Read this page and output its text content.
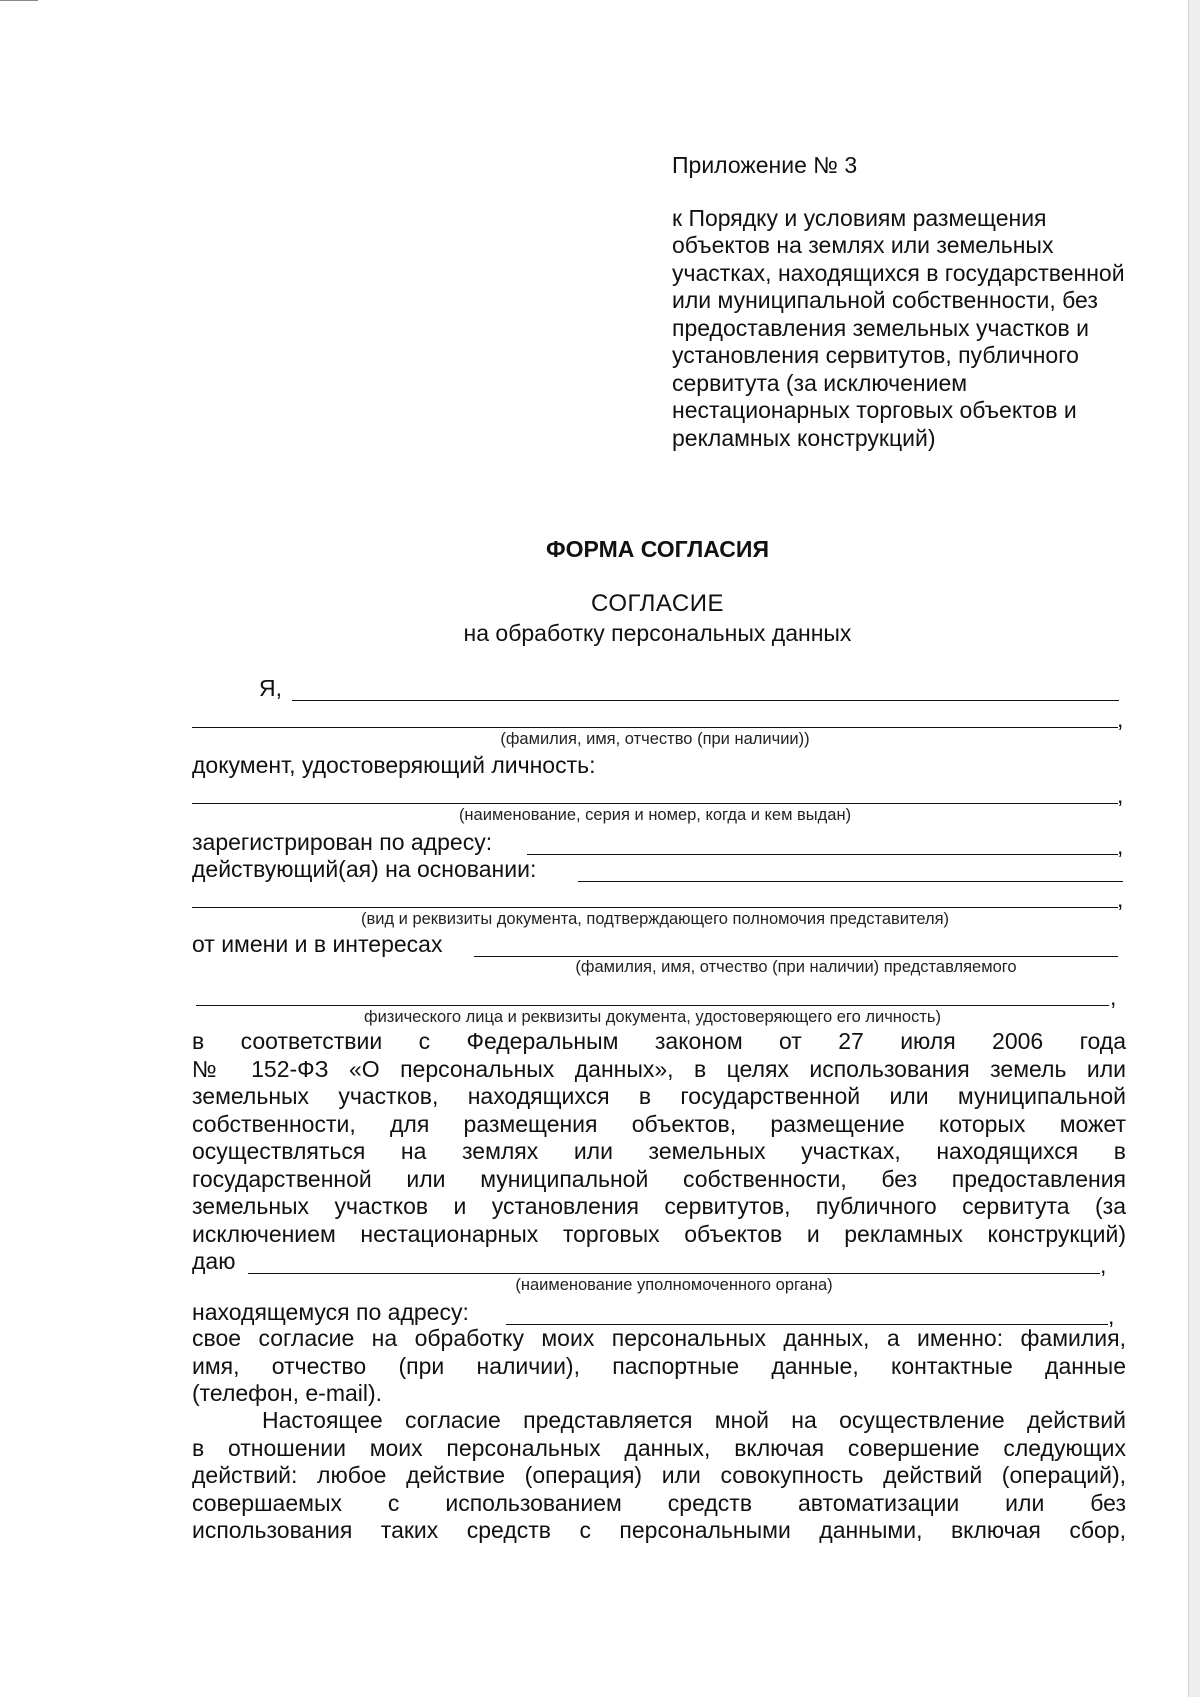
Приложение № 3

к Порядку и условиям размещения объектов на землях или земельных участках, находящихся в государственной или муниципальной собственности, без предоставления земельных участков и установления сервитутов, публичного сервитута (за исключением нестационарных торговых объектов и рекламных конструкций)

ФОРМА СОГЛАСИЯ
СОГЛАСИЕ
на обработку персональных данных
Я,
,
(фамилия, имя, отчество (при наличии))
документ, удостоверяющий личность:
,
(наименование, серия и номер, когда и кем выдан)
зарегистрирован по адресу:	,
действующий(ая) на основании:
,
(вид и реквизиты документа, подтверждающего полномочия представителя)
от имени и в интересах
(фамилия, имя, отчество (при наличии) представляемого
,
физического лица и реквизиты документа, удостоверяющего его личность)
в соответствии с Федеральным законом от 27 июля 2006 года
№ 152-ФЗ «О персональных данных», в целях использования земель или
земельных участков, находящихся в государственной или муниципальной
собственности, для размещения объектов, размещение которых может
осуществляться на землях или земельных участках, находящихся в
государственной или муниципальной собственности, без предоставления
земельных участков и установления сервитутов, публичного сервитута (за
исключением нестационарных торговых объектов и рекламных конструкций)
даю	,
(наименование уполномоченного органа)
находящемуся по адресу:	,
свое согласие на обработку моих персональных данных, а именно: фамилия,
имя, отчество (при наличии), паспортные данные, контактные данные
(телефон, e-mail).
Настоящее согласие представляется мной на осуществление действий
в отношении моих персональных данных, включая совершение следующих
действий: любое действие (операция) или совокупность действий (операций),
совершаемых с использованием средств автоматизации или без
использования таких средств с персональными данными, включая сбор,
